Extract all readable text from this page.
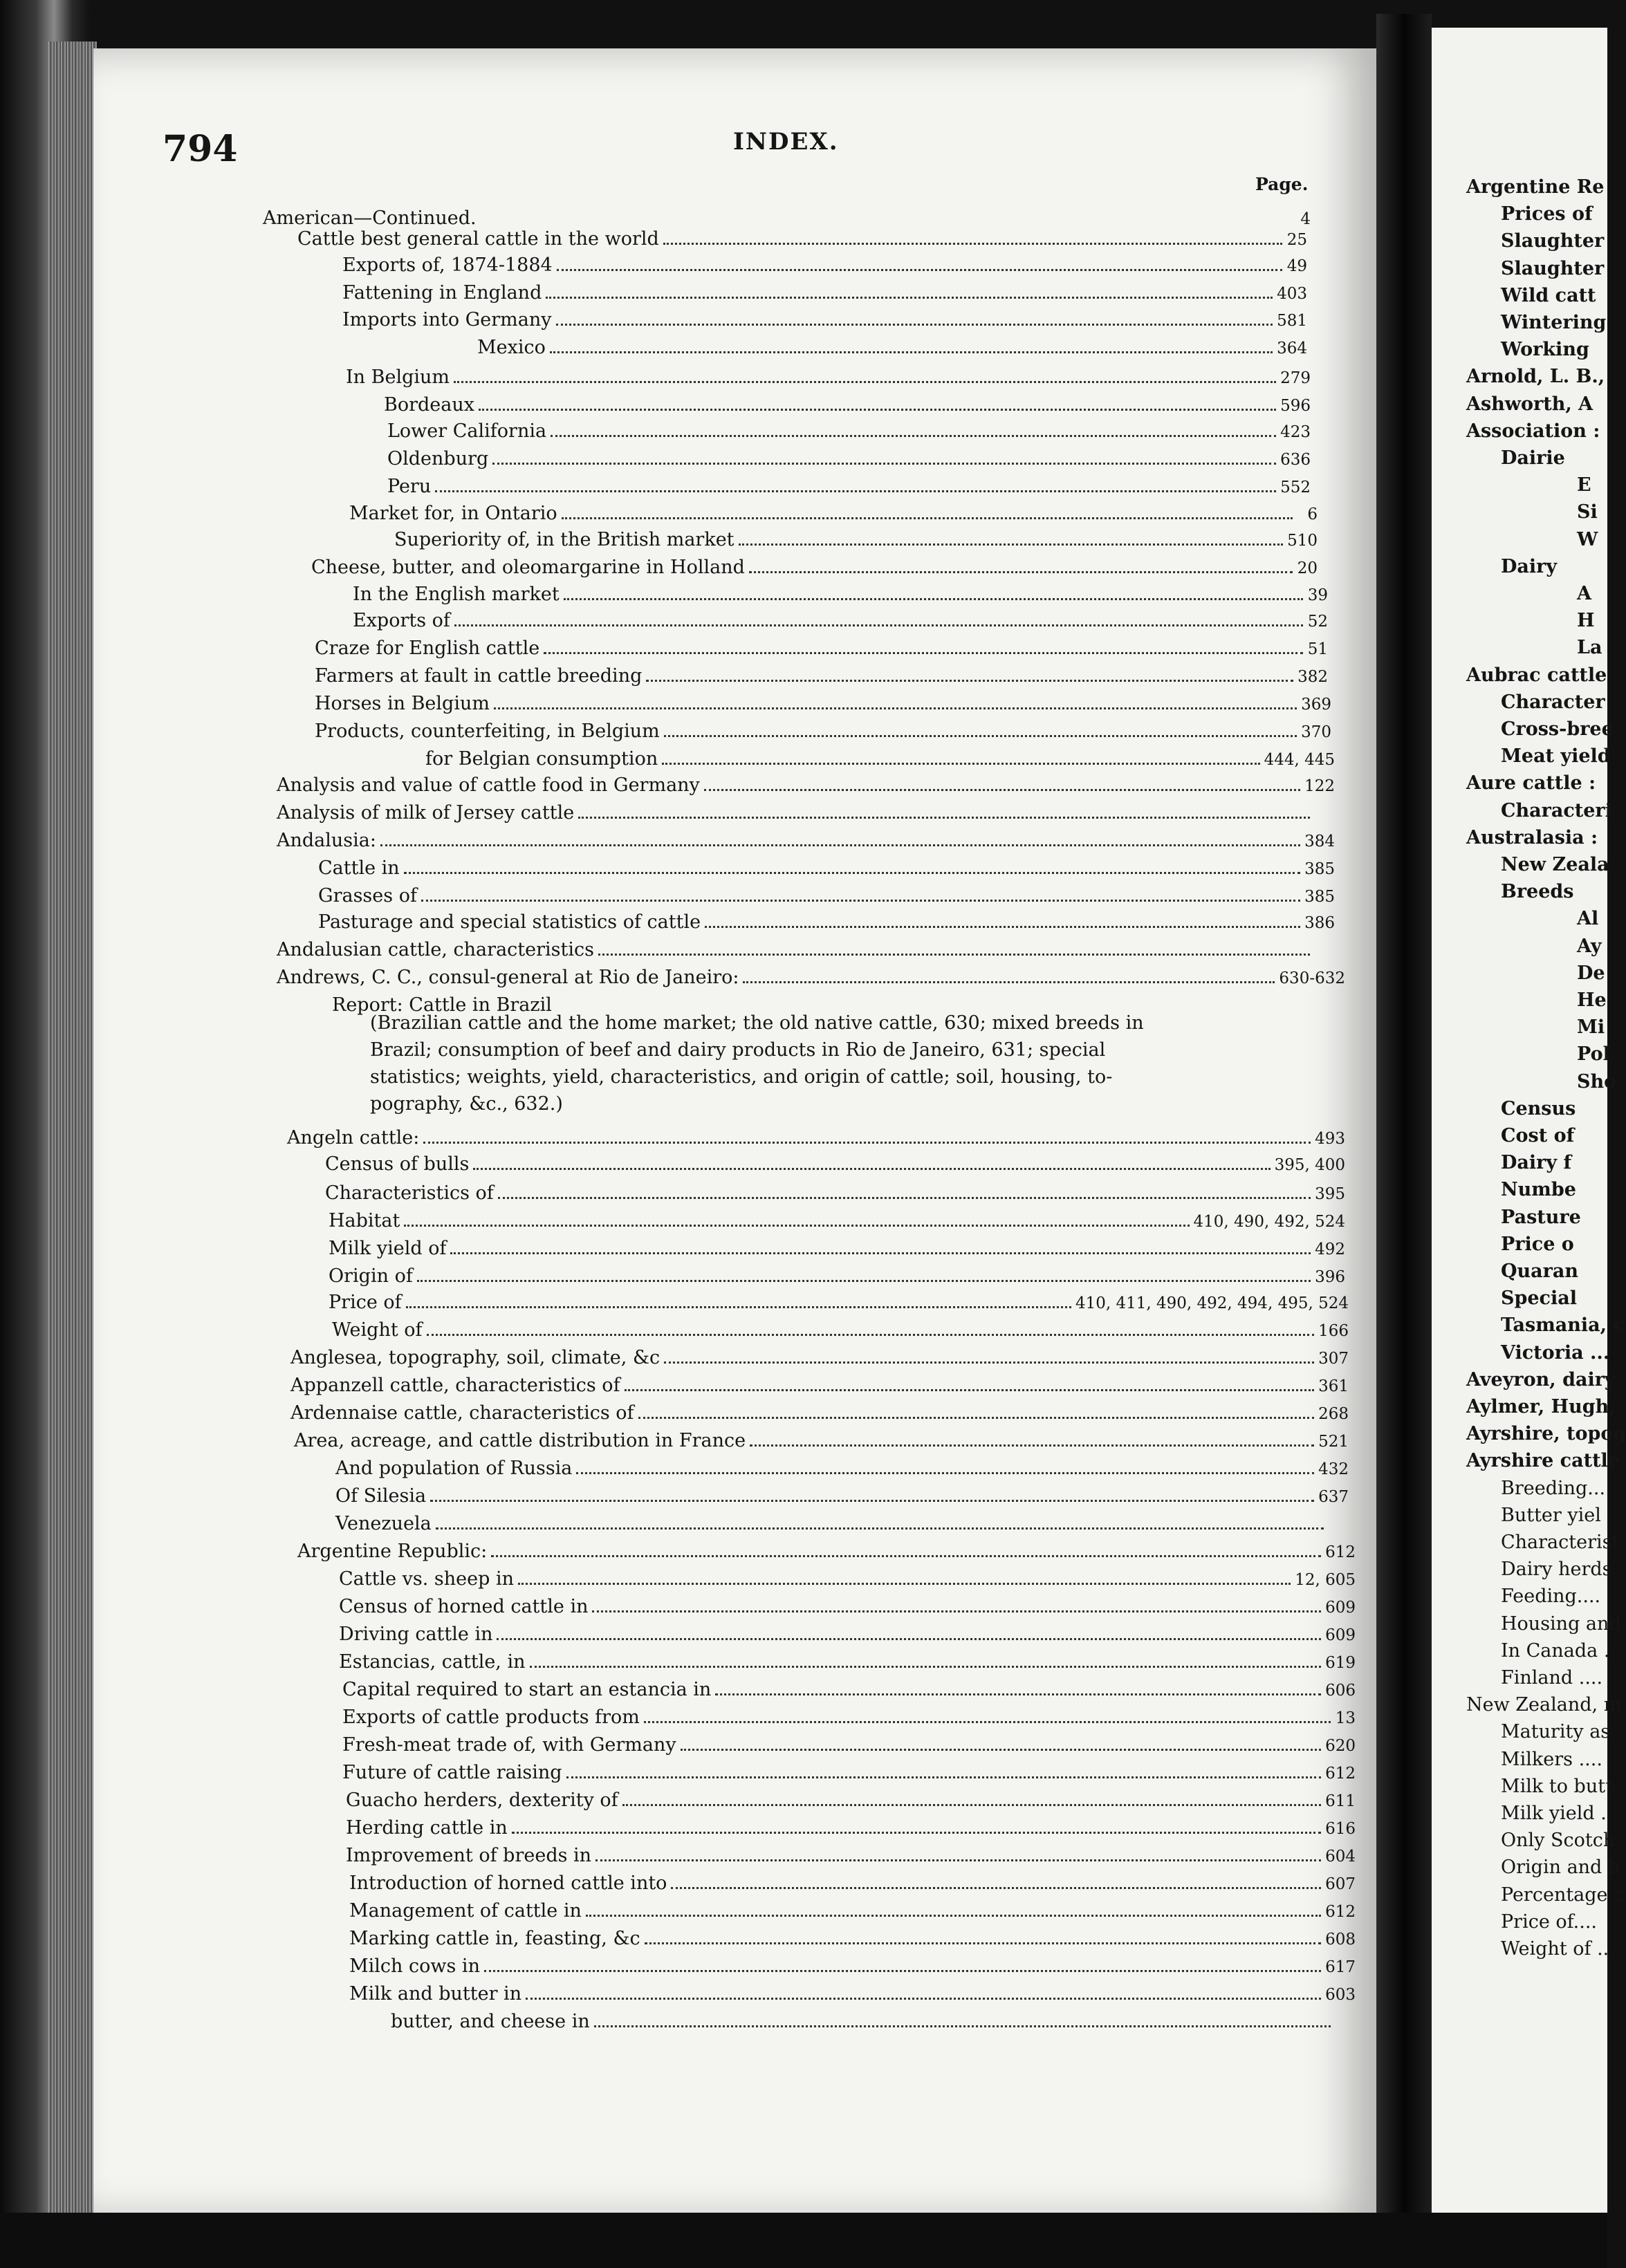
794	INDEX.
Page.
American—Continued.	4
Cattle best general cattle in the world	25
Exports of, 1874-1884	49
Fattening in England	403
Imports into Germany	581
Mexico	364
In Belgium	279
Bordeaux	596
Lower California	423
Oldenburg	636
Peru	552
Market for, in Ontario	6
Superiority of, in the British market	510
Cheese, butter, and oleomargarine in Holland	20
In the English market	39
Exports of	52
Craze for English cattle	51
Farmers at fault in cattle breeding	382
Horses in Belgium	369
Products, counterfeiting, in Belgium	370
for Belgian consumption	444, 445
Analysis and value of cattle food in Germany	122
Analysis of milk of Jersey cattle
Andalusia:	384
Cattle in	385
Grasses of	385
Pasturage and special statistics of cattle	386
Andalusian cattle, characteristics
Andrews, C. C., consul-general at Rio de Janeiro:	630-632
Report: Cattle in Brazil
Angeln cattle:	493
Census of bulls	395, 400
Characteristics of	395
Habitat	410, 490, 492, 524
Milk yield of	492
Origin of	396
Price of	410, 411, 490, 492, 494, 495, 524
Weight of	166
Anglesea, topography, soil, climate, &c	307
Appanzell cattle, characteristics of	361
Ardennaise cattle, characteristics of	268
Area, acreage, and cattle distribution in France	521
And population of Russia	432
Of Silesia	637
Venezuela
Argentine Republic:	612
Cattle vs. sheep in	12, 605
Census of horned cattle in	609
Driving cattle in	609
Estancias, cattle, in	619
Capital required to start an estancia in	606
Exports of cattle products from	13
Fresh-meat trade of, with Germany	620
Future of cattle raising	612
Guacho herders, dexterity of	611
Herding cattle in	616
Improvement of breeds in	604
Introduction of horned cattle into	607
Management of cattle in	612
Marking cattle in, feasting, &c	608
Milch cows in	617
Milk and butter in	603
butter, and cheese in
(Brazilian cattle and the home market; the old native cattle, 630; mixed breeds in
Brazil; consumption of beef and dairy products in Rio de Janeiro, 631; special
statistics; weights, yield, characteristics, and origin of cattle; soil, housing, to-
pography, &c., 632.)
Argentine Re
Prices of
Slaughter
Slaughter
Wild catt
Wintering
Working
Arnold, L. B.,
Ashworth, A
Association :
Dairie
E
Si
W
Dairy
A
H
La
Aubrac cattle
Character
Cross-bree
Meat yield
Aure cattle :
Characteri
Australasia :
New Zeala
Breeds
Al
Ay
De
He
Mi
Pol
Sho
Census
Cost of
Dairy f
Numbe
Pasture
Price o
Quaran
Special
Tasmania, c
Victoria ...
Aveyron, dairy
Aylmer, Hugh,
Ayrshire, topog
Ayrshire cattle
Breeding...
Butter yiel
Characterist
Dairy herds
Feeding....
Housing and
In Canada .
Finland ....
New Zealand, m
Maturity as
Milkers ....
Milk to butt
Milk yield .
Only Scotch
Origin and h
Percentage c
Price of....
Weight of ..
